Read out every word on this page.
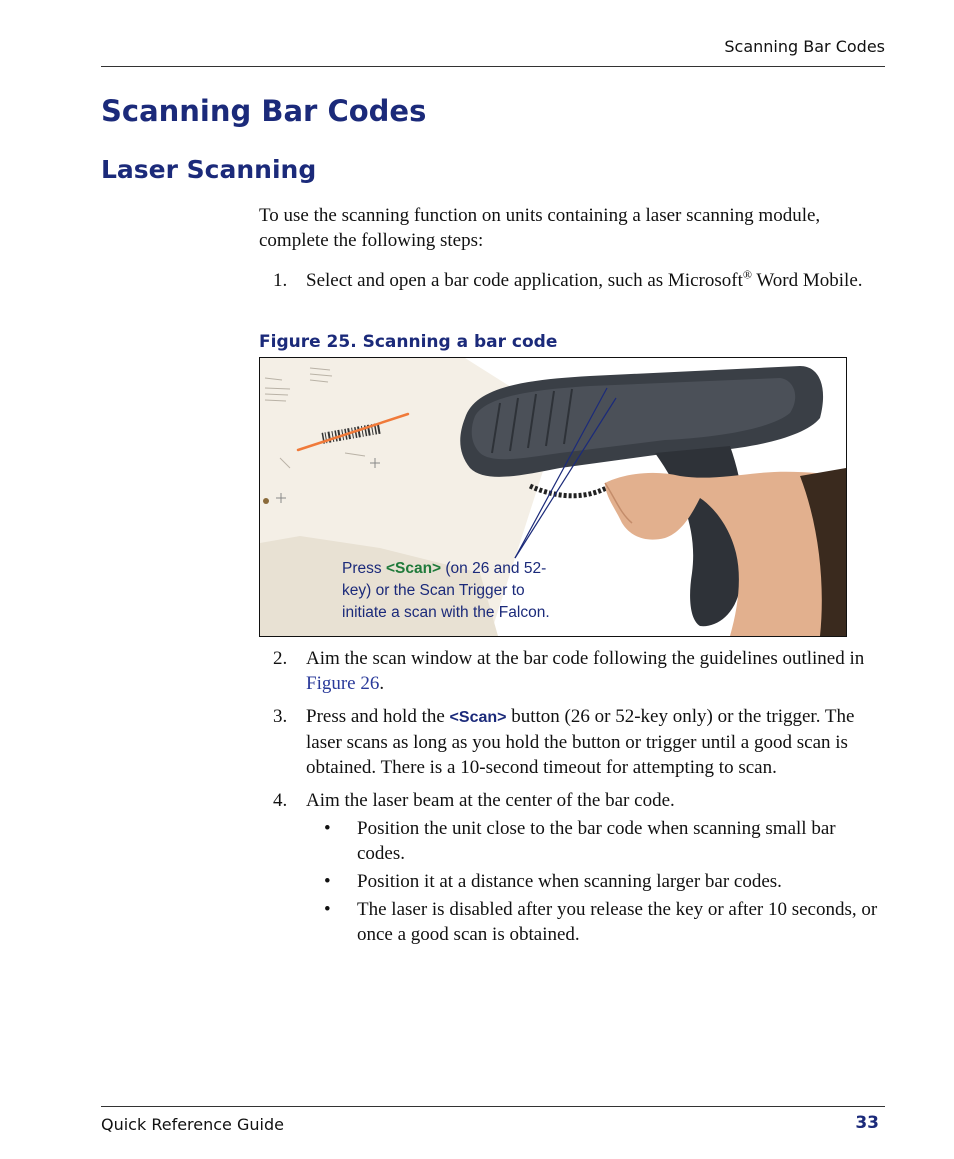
Scanning Bar Codes
Scanning Bar Codes
Laser Scanning

To use the scanning function on units containing a laser scanning module, complete the following steps:

1. Select and open a bar code application, such as Microsoft® Word Mobile.
Figure 25. Scanning a bar code
Press <Scan> (on 26 and 52-key) or the Scan Trigger to initiate a scan with the Falcon.
2. Aim the scan window at the bar code following the guidelines outlined in Figure 26.
3. Press and hold the <Scan> button (26 or 52-key only) or the trigger. The laser scans as long as you hold the button or trigger until a good scan is obtained. There is a 10-second timeout for attempting to scan.
4. Aim the laser beam at the center of the bar code.
• Position the unit close to the bar code when scanning small bar codes.
• Position it at a distance when scanning larger bar codes.
• The laser is disabled after you release the key or after 10 seconds, or once a good scan is obtained.
Quick Reference Guide	33
